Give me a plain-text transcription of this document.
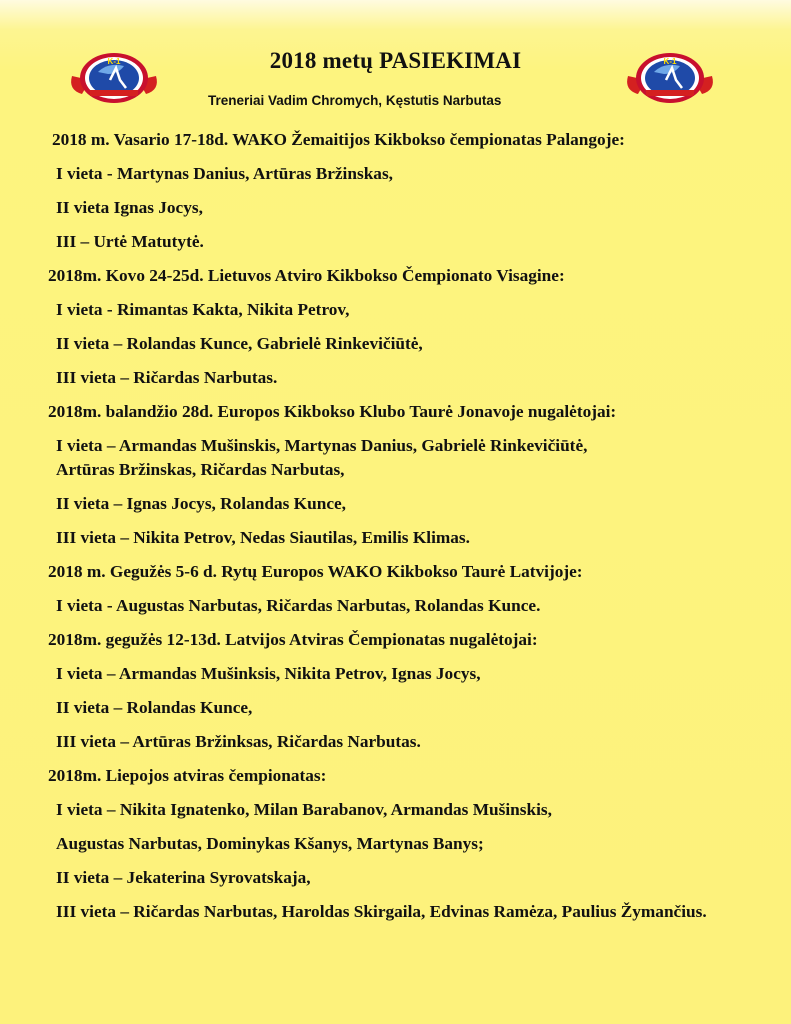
K-1	K-1
2018 metų PASIEKIMAI
Treneriai Vadim Chromych, Kęstutis Narbutas
2018 m. Vasario 17-18d. WAKO Žemaitijos Kikbokso čempionatas Palangoje:
I vieta - Martynas Danius, Artūras Bržinskas,
II vieta Ignas Jocys,
III – Urtė Matutytė.
2018m. Kovo 24-25d. Lietuvos Atviro Kikbokso Čempionato Visagine:
I vieta - Rimantas Kakta, Nikita Petrov,
II vieta – Rolandas Kunce, Gabrielė Rinkevičiūtė,
III vieta – Ričardas Narbutas.
2018m. balandžio 28d. Europos Kikbokso Klubo Taurė Jonavoje nugalėtojai:
I vieta – Armandas Mušinskis, Martynas Danius, Gabrielė Rinkevičiūtė,
Artūras Bržinskas, Ričardas Narbutas,
II vieta – Ignas Jocys, Rolandas Kunce,
III vieta – Nikita Petrov, Nedas Siautilas, Emilis Klimas.
2018 m. Gegužės 5-6 d. Rytų Europos WAKO Kikbokso Taurė Latvijoje:
I vieta - Augustas Narbutas, Ričardas Narbutas, Rolandas Kunce.
2018m. gegužės 12-13d. Latvijos Atviras Čempionatas nugalėtojai:
I vieta – Armandas Mušinksis, Nikita Petrov, Ignas Jocys,
II vieta – Rolandas Kunce,
III vieta – Artūras Bržinksas, Ričardas Narbutas.
2018m. Liepojos atviras čempionatas:
I vieta – Nikita Ignatenko, Milan Barabanov, Armandas Mušinskis,
Augustas Narbutas, Dominykas Kšanys, Martynas Banys;
II vieta – Jekaterina Syrovatskaja,
III vieta – Ričardas Narbutas, Haroldas Skirgaila, Edvinas Ramėza, Paulius Žymančius.
